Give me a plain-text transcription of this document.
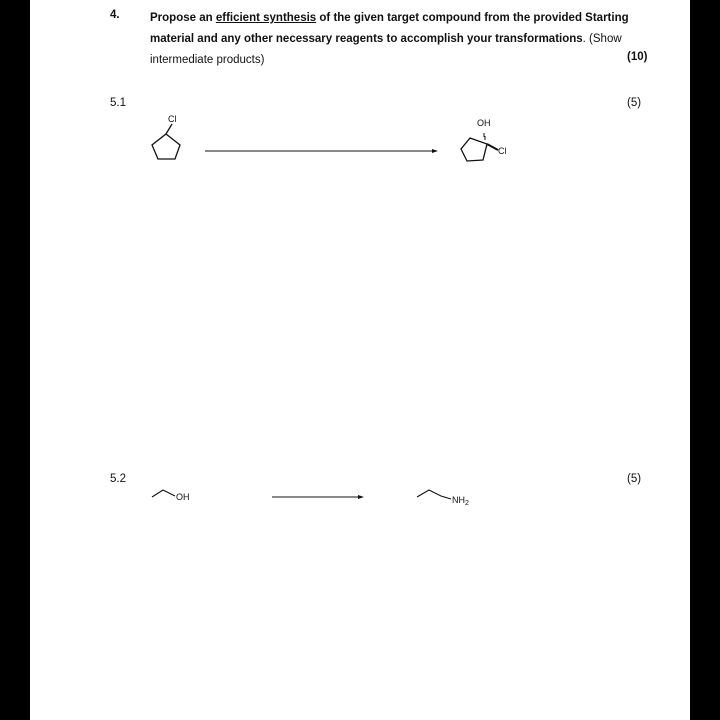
4.	Propose an efficient synthesis of the given target compound from the provided Starting material and any other necessary reagents to accomplish your transformations. (Show intermediate products)	(10)
5.1	(5)
Cl	OH
Cl
OH	$NH_2$
5.2	(5)
